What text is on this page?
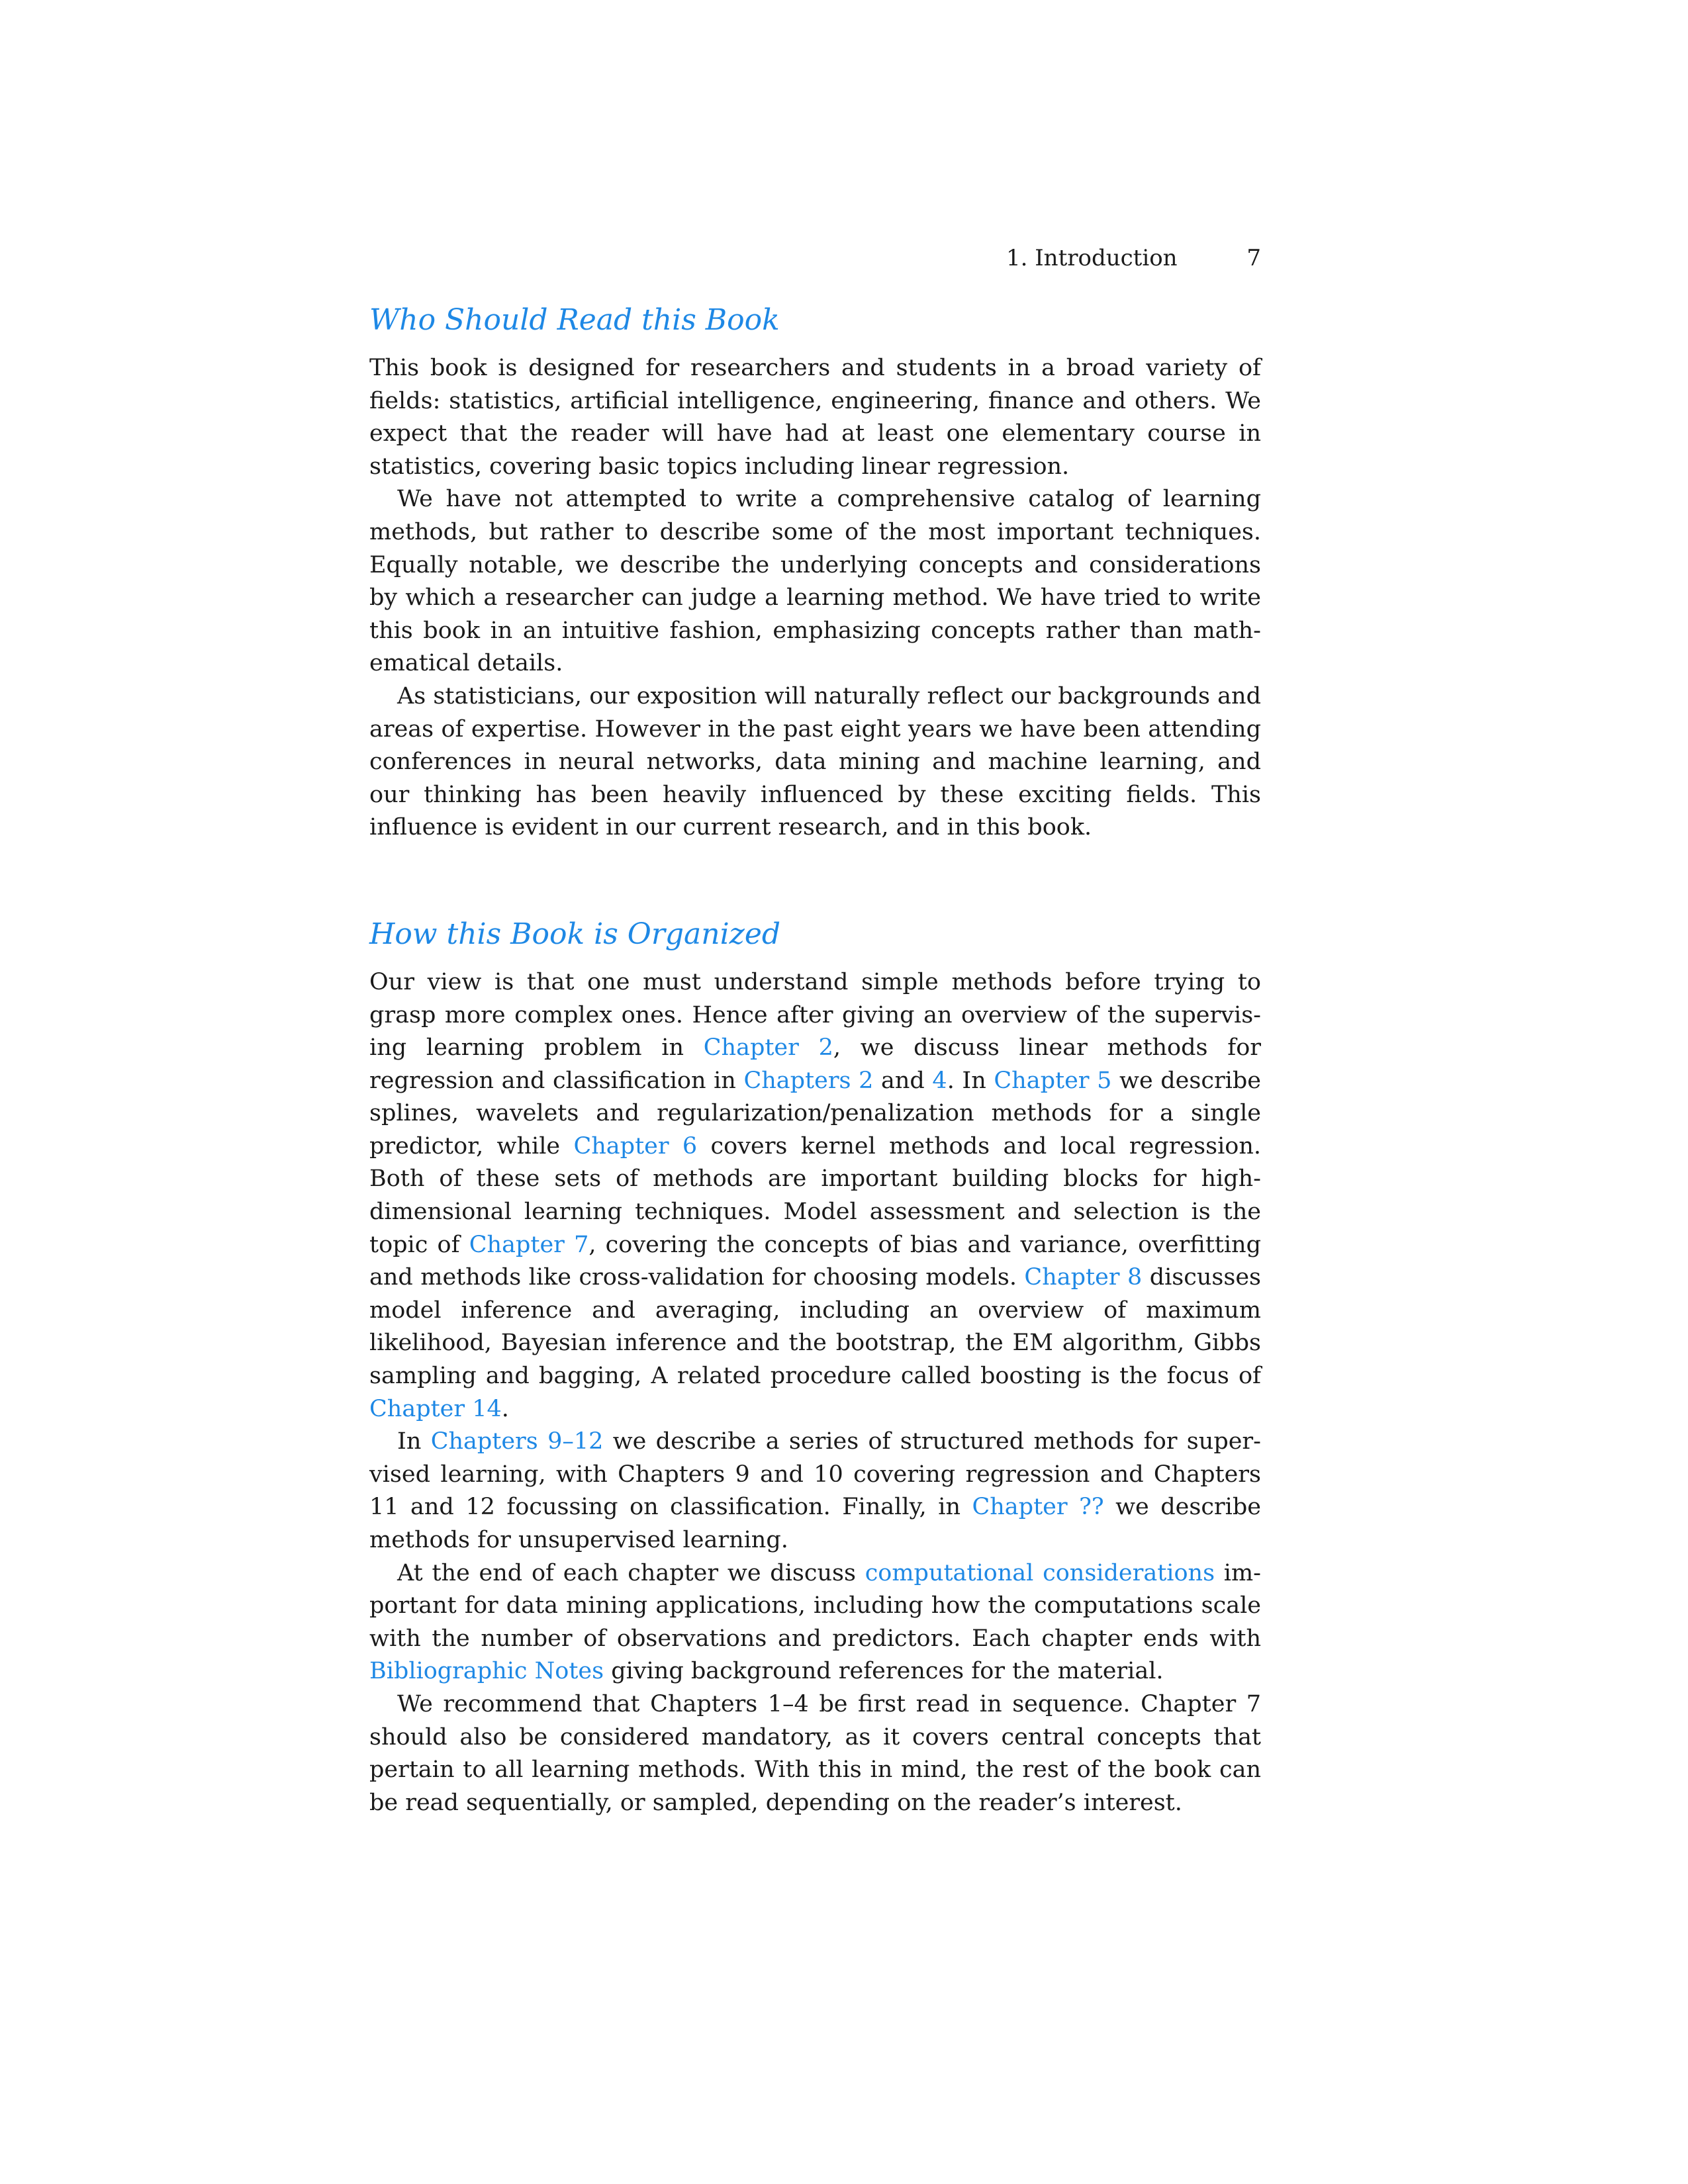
1. Introduction	7
Who Should Read this Book

This book is designed for researchers and students in a broad variety of fields: statistics, artificial intelligence, engineering, finance and others. We expect that the reader will have had at least one elementary course in statistics, covering basic topics including linear regression.

We have not attempted to write a comprehensive catalog of learning methods, but rather to describe some of the most important techniques. Equally notable, we describe the underlying concepts and considerations by which a researcher can judge a learning method. We have tried to write this book in an intuitive fashion, emphasizing concepts rather than mathematical details.

As statisticians, our exposition will naturally reflect our backgrounds and areas of expertise. However in the past eight years we have been attending conferences in neural networks, data mining and machine learning, and our thinking has been heavily influenced by these exciting fields. This influence is evident in our current research, and in this book.

How this Book is Organized

Our view is that one must understand simple methods before trying to grasp more complex ones. Hence after giving an overview of the supervising learning problem in Chapter 2, we discuss linear methods for regression and classification in Chapters 2 and 4. In Chapter 5 we describe splines, wavelets and regularization/penalization methods for a single predictor, while Chapter 6 covers kernel methods and local regression. Both of these sets of methods are important building blocks for high-dimensional learning techniques. Model assessment and selection is the topic of Chapter 7, covering the concepts of bias and variance, overfitting and methods like cross-validation for choosing models. Chapter 8 discusses model inference and averaging, including an overview of maximum likelihood, Bayesian inference and the bootstrap, the EM algorithm, Gibbs sampling and bagging, A related procedure called boosting is the focus of Chapter 14.

In Chapters 9–12 we describe a series of structured methods for supervised learning, with Chapters 9 and 10 covering regression and Chapters 11 and 12 focussing on classification. Finally, in Chapter ?? we describe methods for unsupervised learning.

At the end of each chapter we discuss computational considerations important for data mining applications, including how the computations scale with the number of observations and predictors. Each chapter ends with Bibliographic Notes giving background references for the material.

We recommend that Chapters 1–4 be first read in sequence. Chapter 7 should also be considered mandatory, as it covers central concepts that pertain to all learning methods. With this in mind, the rest of the book can be read sequentially, or sampled, depending on the reader’s interest.
